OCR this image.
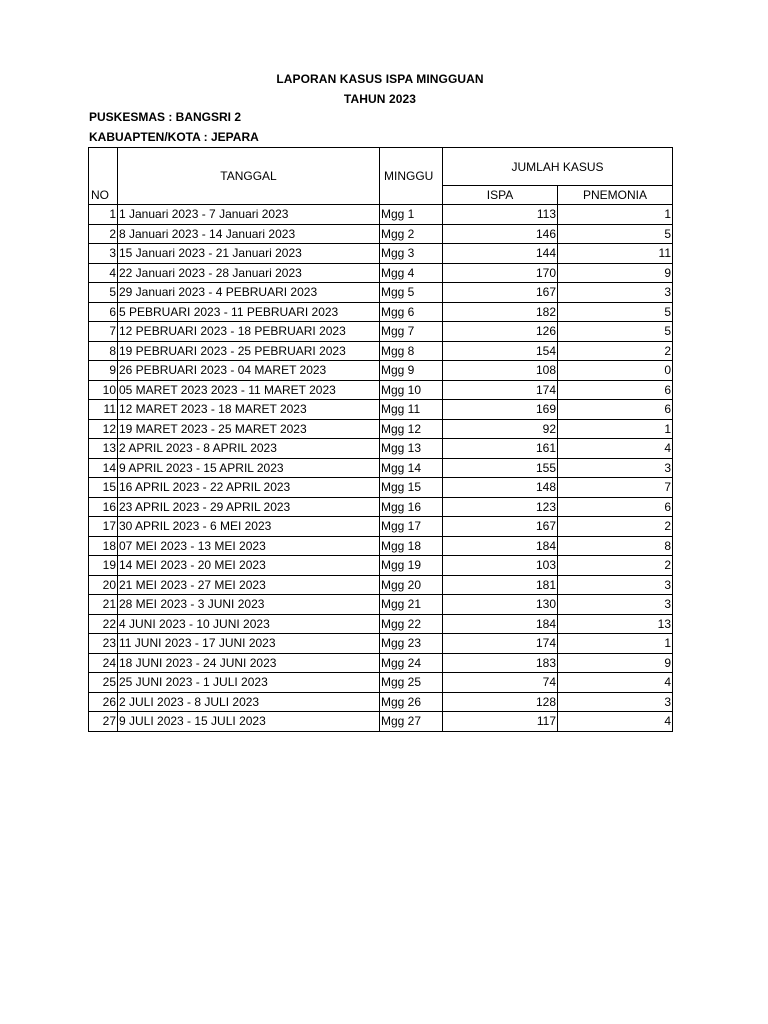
LAPORAN KASUS ISPA MINGGUAN
TAHUN 2023
PUSKESMAS : BANGSRI 2
KABUAPTEN/KOTA : JEPARA
NO	TANGGAL	MINGGU	JUMLAH KASUS	
			ISPA	PNEMONIA
1	1 Januari 2023 - 7 Januari 2023	Mgg 1	113	1
2	8 Januari 2023 - 14 Januari 2023	Mgg 2	146	5
3	15 Januari 2023 - 21 Januari 2023	Mgg 3	144	11
4	22 Januari 2023 - 28 Januari 2023	Mgg 4	170	9
5	29 Januari 2023 - 4 PEBRUARI 2023	Mgg 5	167	3
6	5 PEBRUARI 2023 - 11 PEBRUARI 2023	Mgg 6	182	5
7	12 PEBRUARI 2023 - 18 PEBRUARI 2023	Mgg 7	126	5
8	19 PEBRUARI 2023 - 25 PEBRUARI 2023	Mgg 8	154	2
9	26 PEBRUARI 2023 - 04 MARET 2023	Mgg 9	108	0
10	05 MARET 2023 2023 - 11 MARET 2023	Mgg 10	174	6
11	12 MARET 2023 - 18 MARET 2023	Mgg 11	169	6
12	19 MARET 2023 - 25 MARET 2023	Mgg 12	92	1
13	2 APRIL 2023 - 8 APRIL 2023	Mgg 13	161	4
14	9 APRIL 2023 - 15 APRIL 2023	Mgg 14	155	3
15	16 APRIL 2023 - 22 APRIL 2023	Mgg 15	148	7
16	23 APRIL 2023 - 29 APRIL 2023	Mgg 16	123	6
17	30 APRIL 2023 - 6 MEI 2023	Mgg 17	167	2
18	07 MEI 2023 - 13 MEI 2023	Mgg 18	184	8
19	14 MEI 2023 - 20 MEI 2023	Mgg 19	103	2
20	21 MEI 2023 - 27 MEI 2023	Mgg 20	181	3
21	28 MEI 2023 - 3 JUNI 2023	Mgg 21	130	3
22	4 JUNI 2023 - 10 JUNI 2023	Mgg 22	184	13
23	11 JUNI 2023 - 17 JUNI 2023	Mgg 23	174	1
24	18 JUNI 2023 - 24 JUNI 2023	Mgg 24	183	9
25	25 JUNI 2023 - 1 JULI 2023	Mgg 25	74	4
26	2 JULI 2023 - 8 JULI 2023	Mgg 26	128	3
27	9 JULI 2023 - 15 JULI 2023	Mgg 27	117	4
